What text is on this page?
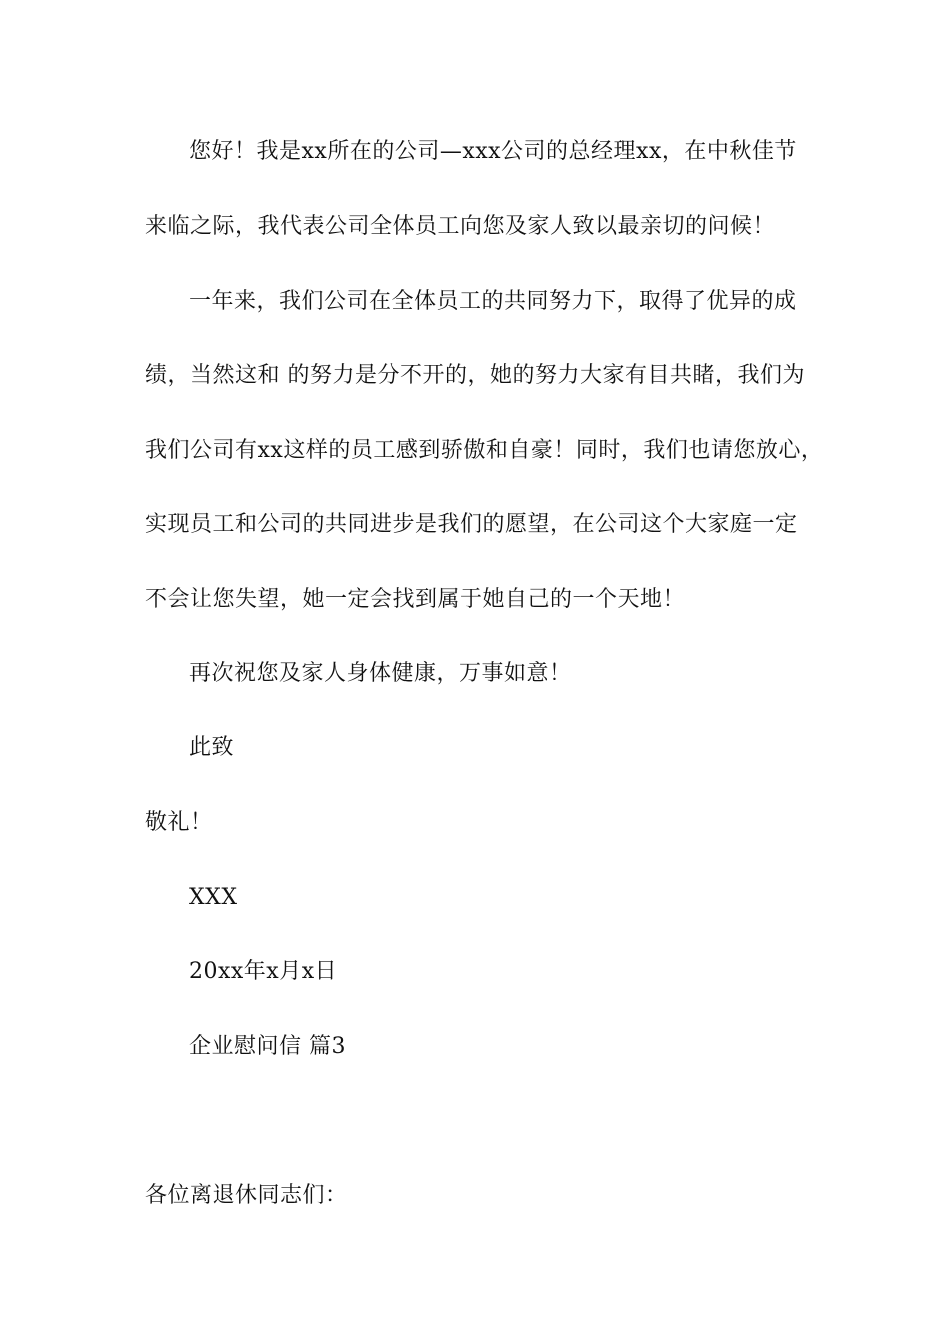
您好！我是xx所在的公司—xxx公司的总经理xx，在中秋佳节
来临之际，我代表公司全体员工向您及家人致以最亲切的问候！
一年来，我们公司在全体员工的共同努力下，取得了优异的成
绩，当然这和 的努力是分不开的，她的努力大家有目共睹，我们为
我们公司有xx这样的员工感到骄傲和自豪！同时，我们也请您放心，
实现员工和公司的共同进步是我们的愿望，在公司这个大家庭一定
不会让您失望，她一定会找到属于她自己的一个天地！
再次祝您及家人身体健康，万事如意！
此致
敬礼！
XXX
20xx年x月x日
企业慰问信 篇3
各位离退休同志们：
